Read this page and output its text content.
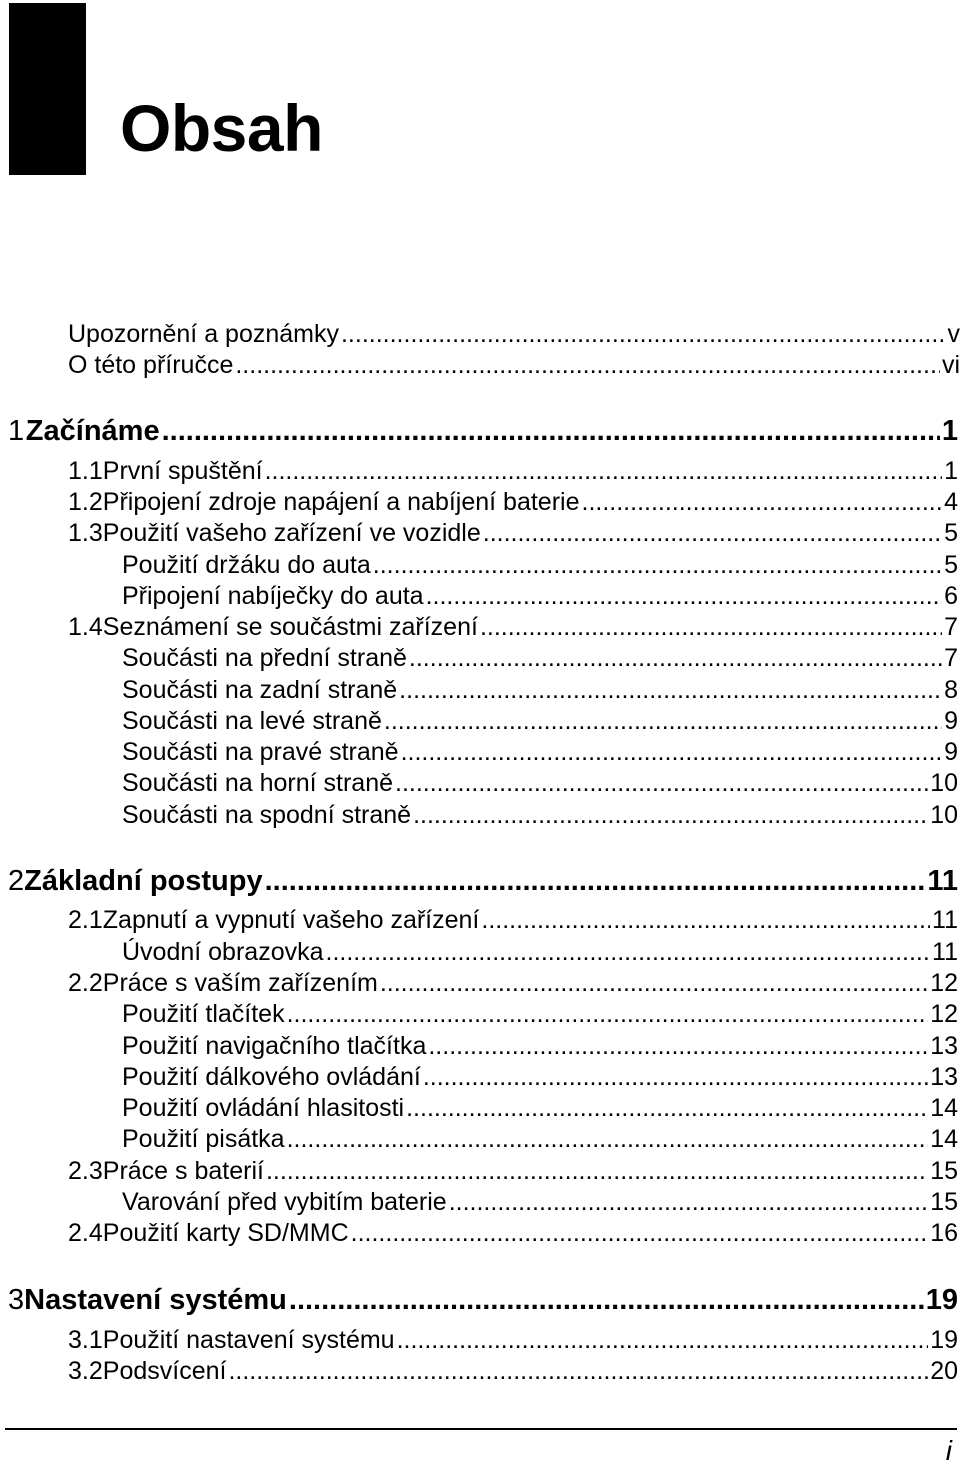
Obsah
Upozornění a poznámky .....	v
O této příručce .....	vi
1 Začínáme .....	1
1.1 První spuštění .....	1
1.2 Připojení zdroje napájení a nabíjení baterie .....	4
1.3 Použití vašeho zařízení ve vozidle .....	5
Použití držáku do auta .....	5
Připojení nabíječky do auta .....	6
1.4 Seznámení se součástmi zařízení .....	7
Součásti na přední straně .....	7
Součásti na zadní straně .....	8
Součásti na levé straně .....	9
Součásti na pravé straně .....	9
Součásti na horní straně .....	10
Součásti na spodní straně .....	10
2 Základní postupy .....	11
2.1 Zapnutí a vypnutí vašeho zařízení .....	11
Úvodní obrazovka .....	11
2.2 Práce s vaším zařízením .....	12
Použití tlačítek .....	12
Použití navigačního tlačítka .....	13
Použití dálkového ovládání .....	13
Použití ovládání hlasitosti .....	14
Použití pisátka .....	14
2.3 Práce s baterií .....	15
Varování před vybitím baterie .....	15
2.4 Použití karty SD/MMC .....	16
3 Nastavení systému .....	19
3.1 Použití nastavení systému .....	19
3.2 Podsvícení .....	20
i
